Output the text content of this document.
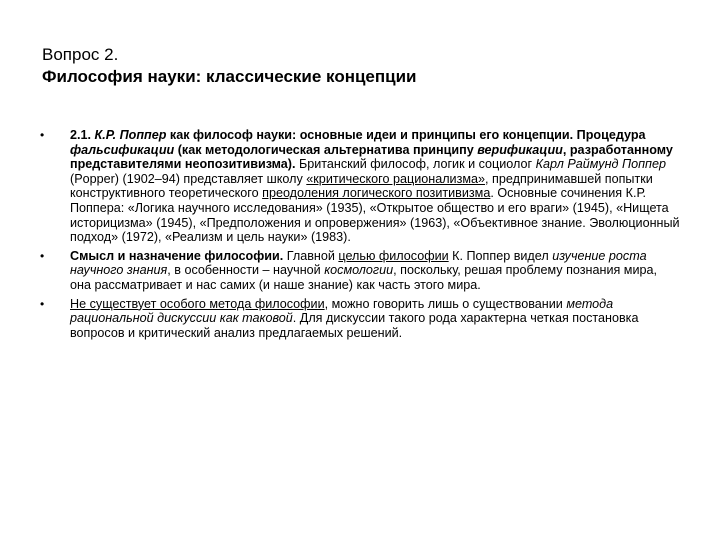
Вопрос 2.

Философия науки: классические концепции

• 2.1. К.Р. Поппер как философ науки: основные идеи и принципы его концепции. Процедура фальсификации (как методологическая альтернатива принципу верификации, разработанному представителями неопозитивизма). Британский философ, логик и социолог Карл Раймунд Поппер (Popper) (1902–94) представляет школу «критического рационализма», предпринимавшей попытки конструктивного теоретического преодоления логического позитивизма. Основные сочинения К.Р. Поппера: «Логика научного исследования» (1935), «Открытое общество и его враги» (1945), «Нищета историцизма» (1945), «Предположения и опровержения» (1963), «Объективное знание. Эволюционный подход» (1972), «Реализм и цель науки» (1983).
• Смысл и назначение философии. Главной целью философии К. Поппер видел изучение роста научного знания, в особенности – научной космологии, поскольку, решая проблему познания мира, она рассматривает и нас самих (и наше знание) как часть этого мира.
• Не существует особого метода философии, можно говорить лишь о существовании метода рациональной дискуссии как таковой. Для дискуссии такого рода характерна четкая постановка вопросов и критический анализ предлагаемых решений.
